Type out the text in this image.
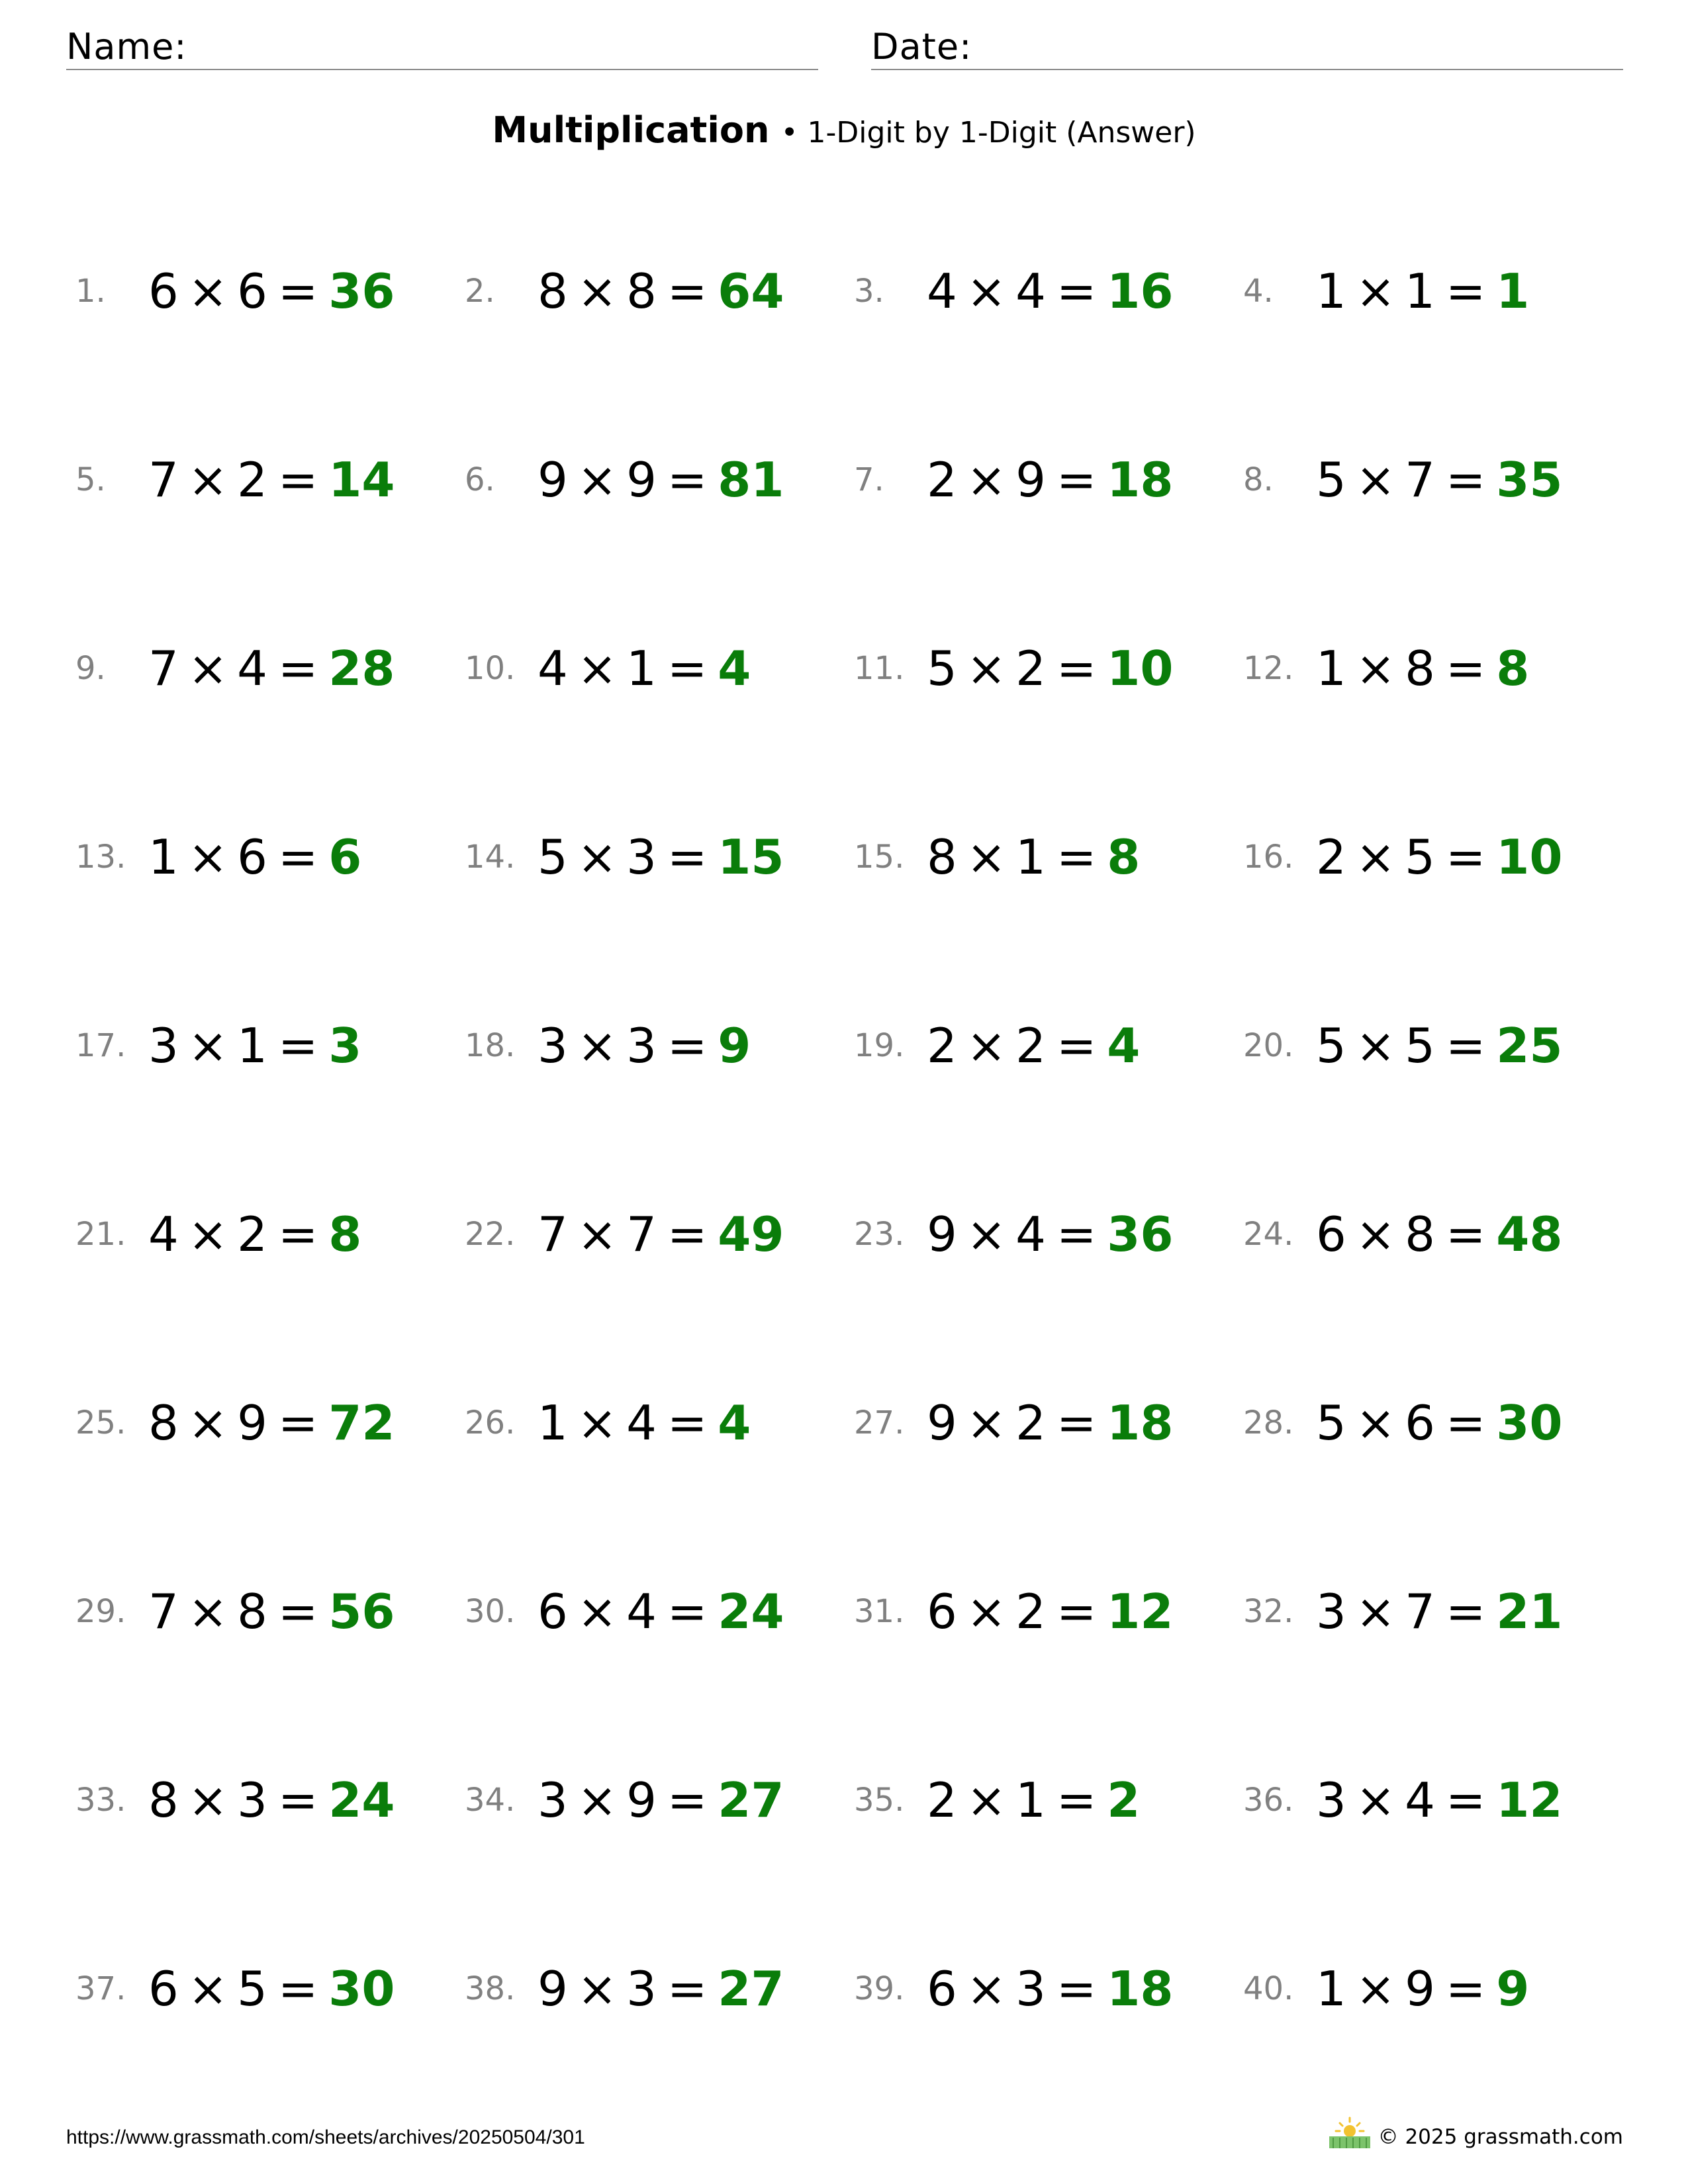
Name:	Date:
Multiplication • 1-Digit by 1-Digit (Answer)
1. 6 × 6 = 36 2. 8 × 8 = 64 3. 4 × 4 = 16 4. 1 × 1 = 1
5. 7 × 2 = 14 6. 9 × 9 = 81 7. 2 × 9 = 18 8. 5 × 7 = 35
9. 7 × 4 = 28 10. 4 × 1 = 4	11. 5 × 2 = 10 12. 1 × 8 = 8
13. 1 × 6 = 6	14. 5 × 3 = 15 15. 8 × 1 = 8	16. 2 × 5 = 10
17. 3 × 1 = 3	18. 3 × 3 = 9	19. 2 × 2 = 4	20. 5 × 5 = 25
21. 4 × 2 = 8	22. 7 × 7 = 49 23. 9 × 4 = 36 24. 6 × 8 = 48
25. 8 × 9 = 72 26. 1 × 4 = 4	27. 9 × 2 = 18 28. 5 × 6 = 30
29. 7 × 8 = 56 30. 6 × 4 = 24 31. 6 × 2 = 12 32. 3 × 7 = 21
33. 8 × 3 = 24 34. 3 × 9 = 27 35. 2 × 1 = 2	36. 3 × 4 = 12
37. 6 × 5 = 30 38. 9 × 3 = 27 39. 6 × 3 = 18 40. 1 × 9 = 9
https://www.grassmath.com/sheets/archives/20250504/301	© 2025 grassmath.com
